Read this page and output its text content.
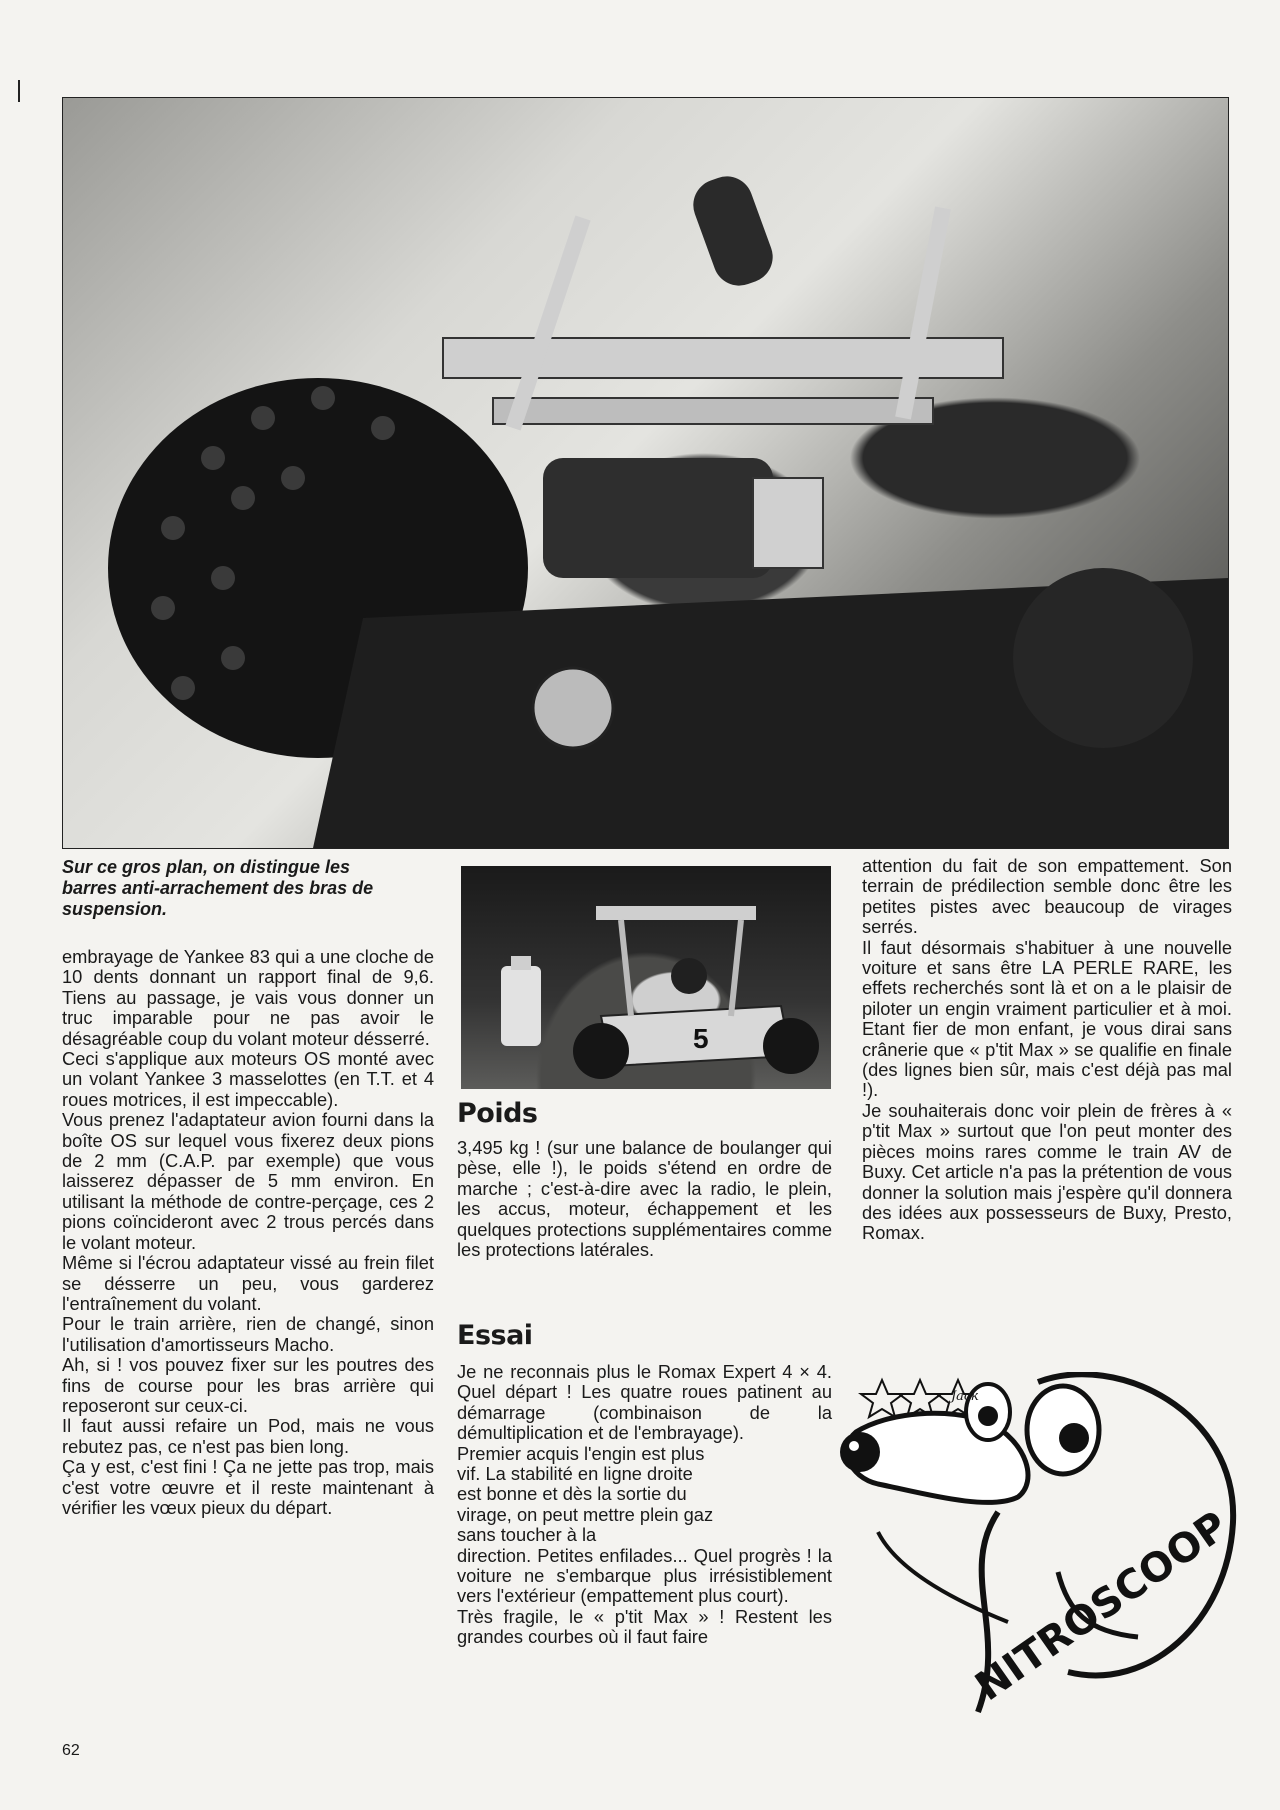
Sur ce gros plan, on distingue les barres anti-arrachement des bras de suspension.

embrayage de Yankee 83 qui a une cloche de 10 dents donnant un rapport final de 9,6. Tiens au passage, je vais vous donner un truc imparable pour ne pas avoir le désagréable coup du volant moteur désserré.

Ceci s'applique aux moteurs OS monté avec un volant Yankee 3 masselottes (en T.T. et 4 roues motrices, il est impeccable).

Vous prenez l'adaptateur avion fourni dans la boîte OS sur lequel vous fixerez deux pions de 2 mm (C.A.P. par exemple) que vous laisserez dépasser de 5 mm environ. En utilisant la méthode de contre-perçage, ces 2 pions coïncideront avec 2 trous percés dans le volant moteur.

Même si l'écrou adaptateur vissé au frein filet se désserre un peu, vous garderez l'entraînement du volant.

Pour le train arrière, rien de changé, sinon l'utilisation d'amortisseurs Macho.

Ah, si ! vos pouvez fixer sur les poutres des fins de course pour les bras arrière qui reposeront sur ceux-ci.

Il faut aussi refaire un Pod, mais ne vous rebutez pas, ce n'est pas bien long.

Ça y est, c'est fini ! Ça ne jette pas trop, mais c'est votre œuvre et il reste maintenant à vérifier les vœux pieux du départ.

5
Poids

3,495 kg ! (sur une balance de boulanger qui pèse, elle !), le poids s'étend en ordre de marche ; c'est-à-dire avec la radio, le plein, les accus, moteur, échappement et les quelques protections supplémentaires comme les protections latérales.

Essai

Je ne reconnais plus le Romax Expert 4 × 4. Quel départ ! Les quatre roues patinent au démarrage (combinaison de la démultiplication et de l'embrayage).

Premier acquis l'engin est plus vif. La stabilité en ligne droite est bonne et dès la sortie du virage, on peut mettre plein gaz sans toucher à la

direction. Petites enfilades... Quel progrès ! la voiture ne s'embarque plus irrésistiblement vers l'extérieur (empattement plus court).

Très fragile, le « p'tit Max » ! Restent les grandes courbes où il faut faire

attention du fait de son empattement. Son terrain de prédilection semble donc être les petites pistes avec beaucoup de virages serrés.

Il faut désormais s'habituer à une nouvelle voiture et sans être LA PERLE RARE, les effets recherchés sont là et on a le plaisir de piloter un engin vraiment particulier et à moi. Etant fier de mon enfant, je vous dirai sans crânerie que « p'tit Max » se qualifie en finale (des lignes bien sûr, mais c'est déjà pas mal !).

Je souhaiterais donc voir plein de frères à « p'tit Max » surtout que l'on peut monter des pièces moins rares comme le train AV de Buxy. Cet article n'a pas la prétention de vous donner la solution mais j'espère qu'il donnera des idées aux possesseurs de Buxy, Presto, Romax.

NITROSCOOP
Jack

62
